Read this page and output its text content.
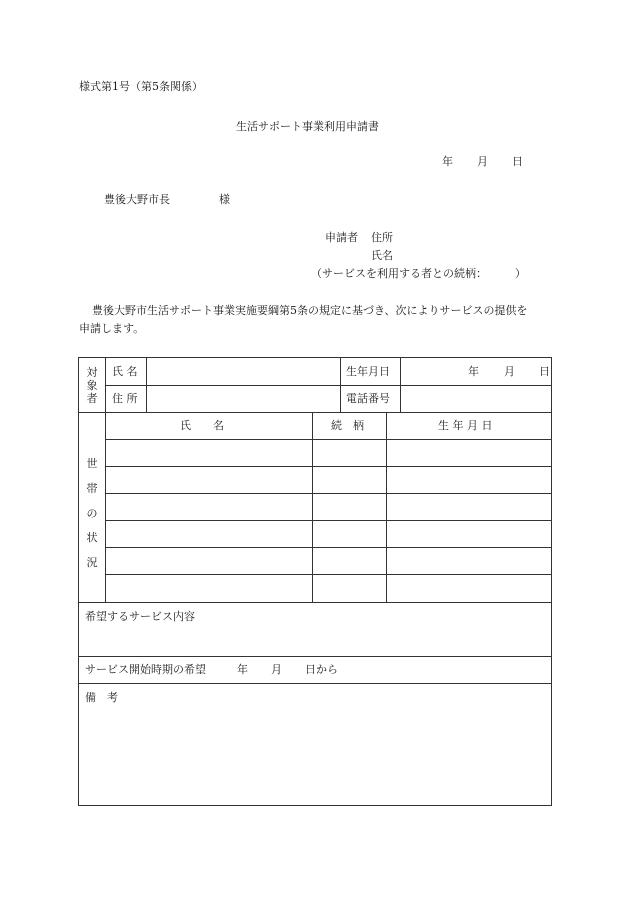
様式第1号（第5条関係）
生活サポート事業利用申請書
年 月 日
豊後大野市長	様
申請者 住所
氏名
（サービスを利用する者との続柄：	）
豊後大野市生活サポート事業実施要綱第5条の規定に基づき、次によりサービスの提供を
申請します。
対
象
者
氏 名	生年月日	年 月 日
住 所	電話番号
世
帯
の
状
況
氏　　名	続　柄	生 年 月 日
希望するサービス内容
サービス開始時期の希望	年 月 日から
備　考
